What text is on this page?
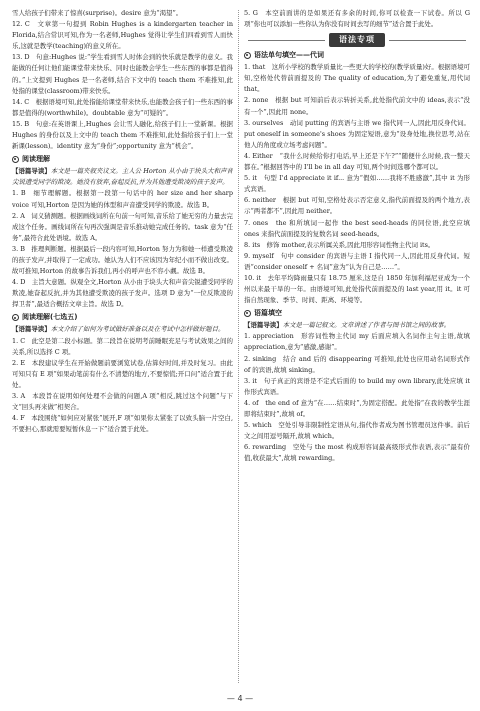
雪人给孩子们带来了惊喜(surprise)。desire 意为“渴望”。

12. C　文章第一句提到 Robin Hughes is a kindergarten teacher in Florida,结合常识可知,作为一名老师,Hughes 觉得让学生们四看到雪人而快乐,这就是教学(teaching)的意义所在。

13. D　句意:Hughes 说:“学生看到雪人时体会到的快乐就是教学的意义。我能做的任何让他们能课堂带来快乐、同时也能教会学生一些东西的事都是值得的。”上文提到 Hughes 是一名老师,结合下文中的 teach them 不难推知,此处指的课堂(classroom)带来快乐。

14. C　根据语境可知,此处指能给课堂带来快乐,也能教会孩子们一些东西的事都是值得的(worthwhile)。doubtable 意为“可疑的”。

15. B　句意:在英语课上,Hughes 会让雪人融化,给孩子们上一堂新课。根据 Hughes 的身份以及上文中的 teach them 不难推知,此处指给孩子们上一堂新课(lesson)。identity 意为“身份”;opportunity 意为“机会”。

阅读理解

【语篇导读】本文是一篇夹叙夹议文。主人公 Horton 从小由于块头大和声音尖锐遭受同学的欺凌。她没有放弃,奋起反抗,并为其他遭受欺凌的孩子发声。

1. B　细节理解题。根据第一段第一句话中的 her size and her sharp voice 可知,Horton 是因为她的体型和声音遭受同学的欺凌。故选 B。

2. A　词义猜测题。根据画线词所在句前一句可知,音乐给了她无穷的力量去完成这个任务。画线词所在句再次强调是音乐推动她完成任务的。task 意为“任务”,最符合此处语境。故选 A。

3. B　推理判断题。根据最后一段内容可知,Horton 努力为和她一样遭受欺凌的孩子发声,并取得了一定成功。她认为人们不应该因为年纪小而不做出改变。故可推知,Horton 的故事告诉我们,再小的呼声也不容小觑。故选 B。

4. D　主旨大意题。纵观全文,Horton 从小由于块头大和声音尖锐遭受同学的欺凌,她奋起反抗,并为其他遭受欺凌的孩子发声。选项 D 意为“一位反欺凌的捍卫者”,最适合概括文章主旨。故选 D。

阅读理解(七选五)

【语篇导读】本文介绍了如何为考试做好准备以及在考试中怎样做好题目。

1. C　此空是第二段小标题。第二段旨在说明考前睡眠充足与考试效果之间的关系,所以选择 C 项。

2. E　本段建议学生在开始做题前要浏览试卷,估算好时间,并及时复习。由此可知只有 E 项“如果动笔前有什么不清楚的地方,不要惊慌;开口问”适合置于此处。

3. A　本段旨在说明如何处理不会做的问题,A 项“相反,跳过这个问题”与下文“回头再来做”相契合。

4. F　本段围绕“如何应对紧张”展开,F 项“如果你太紧张了以致头脑一片空白,不要担心,那就需要短暂休息一下”适合置于此处。

5. G　本空前面讲的是如果还有多余的时间,你可以检查一下试卷。所以 G 项“你也可以添加一些你认为你没有时间去写的细节”适合置于此处。

语法专项
语法单句填空——代词

1. that　这所小学校的教学质量比一些更大的学校的(教学质量)好。根据语境可知,空格处代替前面提及的 The quality of education,为了避免重复,用代词 that。

2. none　根据 but 可知前后表示转折关系,此处指代前文中的 ideas,表示“没有一个”,因此用 none。

3. ourselves　动词 putting 的宾语与主语 we 指代同一人,因此用反身代词。put oneself in someone's shoes 为固定短语,意为“设身处地,换位思考,站在他人的角度或立场考虑问题”。

4. Either　“我什么时候给你打电话,早上还是下午?”“随便什么时候,我一整天都在。”根据回答中的 I'll be in all day 可知,两个时间选哪个都可以。

5. it　句型 I'd appreciate it if... 意为“假如……我将不胜感激”,其中 it 为形式宾语。

6. neither　根据 but 可知,空格处表示否定意义,指代前面提及的两个地方,表示“两者都不”,因此用 neither。

7. ones　the 和所填词一起作 the best seed-heads 的同位语,此空应填 ones 来指代前面提及的复数名词 seed-heads。

8. its　修饰 mother,表示所属关系,因此用形容词性物主代词 its。

9. myself　句中 consider 的宾语与主语 I 指代同一人,因此用反身代词。短语“consider oneself + 名词”意为“认为自己是……”。

10. it　去年平均降雨量只有 18.75 厘米,这是自 1850 年加利福尼亚成为一个州以来最干旱的一年。由语境可知,此处指代前面提及的 last year,用 it。it 可指自然现象、季节、时间、距离、环境等。

语篇填空

【语篇导读】本文是一篇记叙文。文章讲述了作者与图书馆之间的故事。

1. appreciation　形容词性物主代词 my 后面应填入名词作主句主语,故填 appreciation,意为“感激,感谢”。

2. sinking　结合 and 后的 disappearing 可推知,此处也应用动名词形式作 of 的宾语,故填 sinking。

3. it　句子真正的宾语是不定式后面的 to build my own library,此处应填 it 作形式宾语。

4. of　the end of 意为“在……结束时”,为固定搭配。此处指“在我的教学生涯即将结束时”,故填 of。

5. which　空处引导非限制性定语从句,指代作者成为图书管理员这件事。前后文之间用逗号隔开,故填 which。

6. rewarding　空处与 the most 构成形容词最高级形式作表语,表示“最有价值,收获最大”,故填 rewarding。

— 4 —
